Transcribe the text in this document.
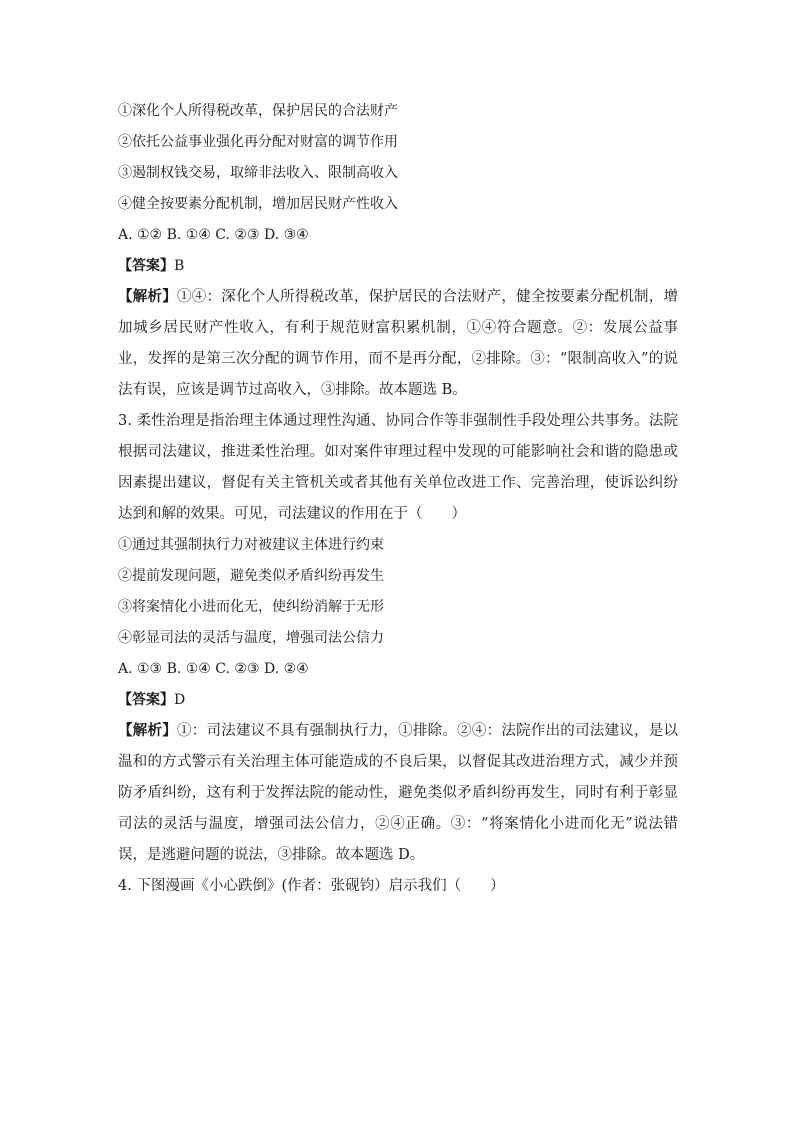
①深化个人所得税改革，保护居民的合法财产
②依托公益事业强化再分配对财富的调节作用
③遏制权钱交易，取缔非法收入、限制高收入
④健全按要素分配机制，增加居民财产性收入
A. ①② B. ①④ C. ②③ D. ③④
【答案】B
【解析】①④：深化个人所得税改革，保护居民的合法财产，健全按要素分配机制，增加城乡居民财产性收入，有利于规范财富积累机制，①④符合题意。②：发展公益事业，发挥的是第三次分配的调节作用，而不是再分配，②排除。③：“限制高收入”的说法有误，应该是调节过高收入，③排除。故本题选 B。
3. 柔性治理是指治理主体通过理性沟通、协同合作等非强制性手段处理公共事务。法院根据司法建议，推进柔性治理。如对案件审理过程中发现的可能影响社会和谐的隐患或因素提出建议，督促有关主管机关或者其他有关单位改进工作、完善治理，使诉讼纠纷达到和解的效果。可见，司法建议的作用在于（　　）
①通过其强制执行力对被建议主体进行约束
②提前发现问题，避免类似矛盾纠纷再发生
③将案情化小进而化无，使纠纷消解于无形
④彰显司法的灵活与温度，增强司法公信力
A. ①③ B. ①④ C. ②③ D. ②④
【答案】D
【解析】①：司法建议不具有强制执行力，①排除。②④：法院作出的司法建议，是以温和的方式警示有关治理主体可能造成的不良后果，以督促其改进治理方式，减少并预防矛盾纠纷，这有利于发挥法院的能动性，避免类似矛盾纠纷再发生，同时有利于彰显司法的灵活与温度，增强司法公信力，②④正确。③：“将案情化小进而化无”说法错误，是逃避问题的说法，③排除。故本题选 D。
4. 下图漫画《小心跌倒》(作者：张砚钧）启示我们（　　）
